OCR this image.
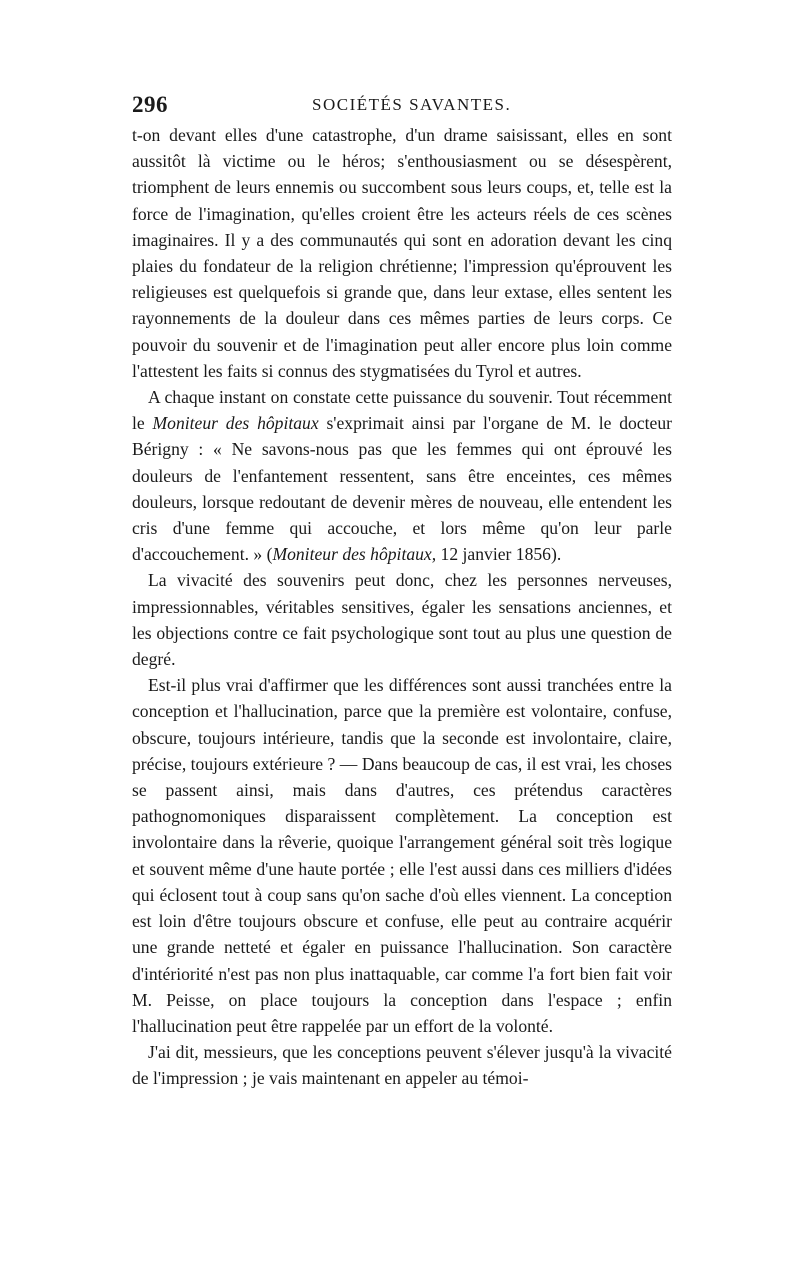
296	SOCIÉTÉS SAVANTES.

t-on devant elles d'une catastrophe, d'un drame saisissant, elles en sont aussitôt là victime ou le héros; s'enthousiasment ou se désespèrent, triomphent de leurs ennemis ou succombent sous leurs coups, et, telle est la force de l'imagination, qu'elles croient être les acteurs réels de ces scènes imaginaires. Il y a des communautés qui sont en adoration devant les cinq plaies du fondateur de la religion chrétienne; l'impression qu'éprouvent les religieuses est quelquefois si grande que, dans leur extase, elles sentent les rayonnements de la douleur dans ces mêmes parties de leurs corps. Ce pouvoir du souvenir et de l'imagination peut aller encore plus loin comme l'attestent les faits si connus des stygmatisées du Tyrol et autres.

A chaque instant on constate cette puissance du souvenir. Tout récemment le Moniteur des hôpitaux s'exprimait ainsi par l'organe de M. le docteur Bérigny : « Ne savons-nous pas que les femmes qui ont éprouvé les douleurs de l'enfantement ressentent, sans être enceintes, ces mêmes douleurs, lorsque redoutant de devenir mères de nouveau, elle entendent les cris d'une femme qui accouche, et lors même qu'on leur parle d'accouchement. » (Moniteur des hôpitaux, 12 janvier 1856).

La vivacité des souvenirs peut donc, chez les personnes nerveuses, impressionnables, véritables sensitives, égaler les sensations anciennes, et les objections contre ce fait psychologique sont tout au plus une question de degré.

Est-il plus vrai d'affirmer que les différences sont aussi tranchées entre la conception et l'hallucination, parce que la première est volontaire, confuse, obscure, toujours intérieure, tandis que la seconde est involontaire, claire, précise, toujours extérieure ? — Dans beaucoup de cas, il est vrai, les choses se passent ainsi, mais dans d'autres, ces prétendus caractères pathognomoniques disparaissent complètement. La conception est involontaire dans la rêverie, quoique l'arrangement général soit très logique et souvent même d'une haute portée ; elle l'est aussi dans ces milliers d'idées qui éclosent tout à coup sans qu'on sache d'où elles viennent. La conception est loin d'être toujours obscure et confuse, elle peut au contraire acquérir une grande netteté et égaler en puissance l'hallucination. Son caractère d'intériorité n'est pas non plus inattaquable, car comme l'a fort bien fait voir M. Peisse, on place toujours la conception dans l'espace ; enfin l'hallucination peut être rappelée par un effort de la volonté.

J'ai dit, messieurs, que les conceptions peuvent s'élever jusqu'à la vivacité de l'impression ; je vais maintenant en appeler au témoi-
